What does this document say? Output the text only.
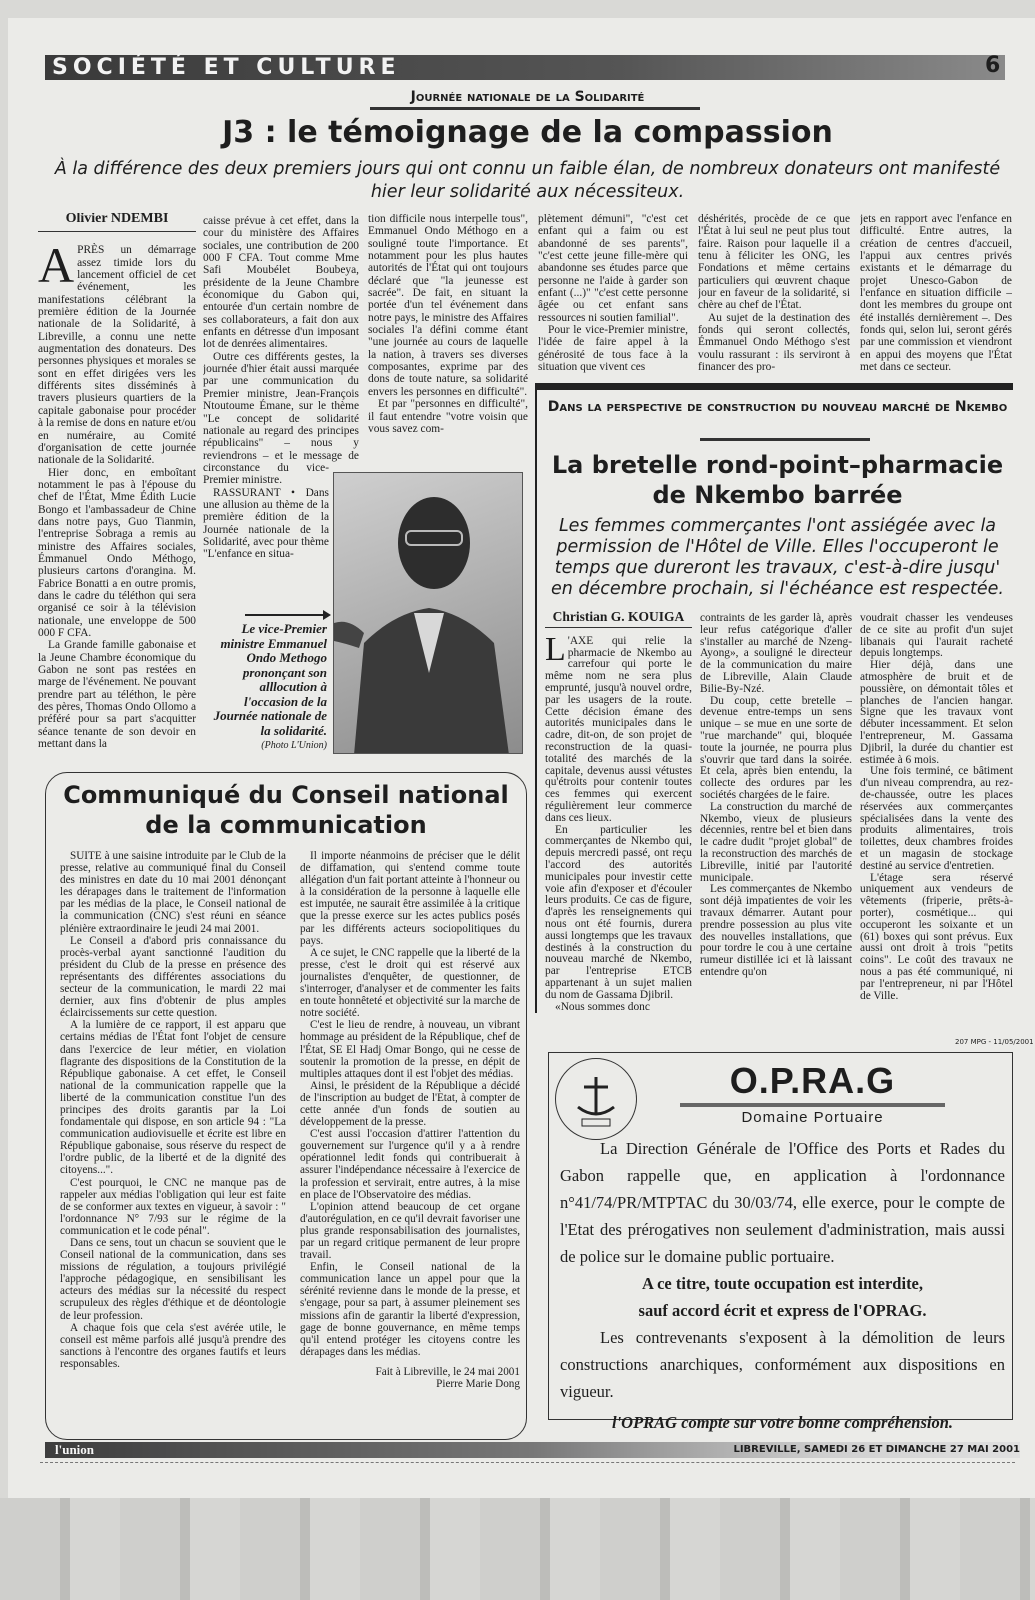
SOCIÉTÉ ET CULTURE	6
Journée nationale de la Solidarité
J3 : le témoignage de la compassion
À la différence des deux premiers jours qui ont connu un faible élan, de nombreux donateurs ont manifesté hier leur solidarité aux nécessiteux.
Olivier NDEMBI

APRÈS un démarrage assez timide lors du lancement officiel de cet événement, les manifestations célébrant la première édition de la Journée nationale de la Solidarité, à Libreville, a connu une nette augmentation des donateurs. Des personnes physiques et morales se sont en effet dirigées vers les différents sites disséminés à travers plusieurs quartiers de la capitale gabonaise pour procéder à la remise de dons en nature et/ou en numéraire, au Comité d'organisation de cette journée nationale de la Solidarité.

Hier donc, en emboîtant notamment le pas à l'épouse du chef de l'État, Mme Édith Lucie Bongo et l'ambassadeur de Chine dans notre pays, Guo Tianmin, l'entreprise Sobraga a remis au ministre des Affaires sociales, Émmanuel Ondo Méthogo, plusieurs cartons d'orangina. M. Fabrice Bonatti a en outre promis, dans le cadre du téléthon qui sera organisé ce soir à la télévision nationale, une enveloppe de 500 000 F CFA.

La Grande famille gabonaise et la Jeune Chambre économique du Gabon ne sont pas restées en marge de l'événement. Ne pouvant prendre part au téléthon, le père des pères, Thomas Ondo Ollomo a préféré pour sa part s'acquitter séance tenante de son devoir en mettant dans la

caisse prévue à cet effet, dans la cour du ministère des Affaires sociales, une contribution de 200 000 F CFA. Tout comme Mme Safi Moubélet Boubeya, présidente de la Jeune Chambre économique du Gabon qui, entourée d'un certain nombre de ses collaborateurs, a fait don aux enfants en détresse d'un imposant lot de denrées alimentaires.

Outre ces différents gestes, la journée d'hier était aussi marquée par une communication du Premier ministre, Jean-François Ntoutoume Émane, sur le thème "Le concept de solidarité nationale au regard des principes républicains" – nous y reviendrons – et le message de circonstance du vice-Premier ministre.

RASSURANT • Dans une allusion au thème de la première édition de la Journée nationale de la Solidarité, avec pour thème "L'enfance en situa-

Le vice-Premier ministre Emmanuel Ondo Methogo prononçant son alllocution à l'occasion de la Journée nationale de la solidarité.
(Photo L'Union)

tion difficile nous interpelle tous", Emmanuel Ondo Méthogo en a souligné toute l'importance. Et notamment pour les plus hautes autorités de l'État qui ont toujours déclaré que "la jeunesse est sacrée". De fait, en situant la portée d'un tel événement dans notre pays, le ministre des Affaires sociales l'a défini comme étant "une journée au cours de laquelle la nation, à travers ses diverses composantes, exprime par des dons de toute nature, sa solidarité envers les personnes en difficulté".

Et par "personnes en difficulté", il faut entendre "votre voisin que vous savez com-

plètement démuni", "c'est cet enfant qui a faim ou est abandonné de ses parents", "c'est cette jeune fille-mère qui abandonne ses études parce que personne ne l'aide à garder son enfant (...)" "c'est cette personne âgée ou cet enfant sans ressources ni soutien familial".

Pour le vice-Premier ministre, l'idée de faire appel à la générosité de tous face à la situation que vivent ces

déshérités, procède de ce que l'État à lui seul ne peut plus tout faire. Raison pour laquelle il a tenu à féliciter les ONG, les Fondations et même certains particuliers qui œuvrent chaque jour en faveur de la solidarité, si chère au chef de l'État.

Au sujet de la destination des fonds qui seront collectés, Émmanuel Ondo Méthogo s'est voulu rassurant : ils serviront à financer des pro-

jets en rapport avec l'enfance en difficulté. Entre autres, la création de centres d'accueil, l'appui aux centres privés existants et le démarrage du projet Unesco-Gabon de l'enfance en situation difficile – dont les membres du groupe ont été installés dernièrement –. Des fonds qui, selon lui, seront gérés par une commission et viendront en appui des moyens que l'État met dans ce secteur.

Dans la perspective de construction du nouveau marché de Nkembo
La bretelle rond-point–pharmacie de Nkembo barrée
Les femmes commerçantes l'ont assiégée avec la permission de l'Hôtel de Ville. Elles l'occuperont le temps que dureront les travaux, c'est-à-dire jusqu' en décembre prochain, si l'échéance est respectée.
Christian G. KOUIGA

L 'AXE qui relie la pharmacie de Nkembo au carrefour qui porte le même nom ne sera plus emprunté, jusqu'à nouvel ordre, par les usagers de la route. Cette décision émane des autorités municipales dans le cadre, dit-on, de son projet de reconstruction de la quasi-totalité des marchés de la capitale, devenus aussi vétustes qu'étroits pour contenir toutes ces femmes qui exercent régulièrement leur commerce dans ces lieux.

En particulier les commerçantes de Nkembo qui, depuis mercredi passé, ont reçu l'accord des autorités municipales pour investir cette voie afin d'exposer et d'écouler leurs produits. Ce cas de figure, d'après les renseignements qui nous ont été fournis, durera aussi longtemps que les travaux destinés à la construction du nouveau marché de Nkembo, par l'entreprise ETCB appartenant à un sujet malien du nom de Gassama Djibril.

«Nous sommes donc

contraints de les garder là, après leur refus catégorique d'aller s'installer au marché de Nzeng-Ayong», a souligné le directeur de la communication du maire de Libreville, Alain Claude Bilie-By-Nzé.

Du coup, cette bretelle – devenue entre-temps un sens unique – se mue en une sorte de "rue marchande" qui, bloquée toute la journée, ne pourra plus s'ouvrir que tard dans la soirée. Et cela, après bien entendu, la collecte des ordures par les sociétés chargées de le faire.

La construction du marché de Nkembo, vieux de plusieurs décennies, rentre bel et bien dans le cadre dudit "projet global" de la reconstruction des marchés de Libreville, initié par l'autorité municipale.

Les commerçantes de Nkembo sont déjà impatientes de voir les travaux démarrer. Autant pour prendre possession au plus vite des nouvelles installations, que pour tordre le cou à une certaine rumeur distillée ici et là laissant entendre qu'on

voudrait chasser les vendeuses de ce site au profit d'un sujet libanais qui l'aurait racheté depuis longtemps.

Hier déjà, dans une atmosphère de bruit et de poussière, on démontait tôles et planches de l'ancien hangar. Signe que les travaux vont débuter incessamment. Et selon l'entrepreneur, M. Gassama Djibril, la durée du chantier est estimée à 6 mois.

Une fois terminé, ce bâtiment d'un niveau comprendra, au rez-de-chaussée, outre les places réservées aux commerçantes spécialisées dans la vente des produits alimentaires, trois toilettes, deux chambres froides et un magasin de stockage destiné au service d'entretien.

L'étage sera réservé uniquement aux vendeurs de vêtements (friperie, prêts-à-porter), cosmétique... qui occuperont les soixante et un (61) boxes qui sont prévus. Eux aussi ont droit à trois "petits coins". Le coût des travaux ne nous a pas été communiqué, ni par l'entrepreneur, ni par l'Hôtel de Ville.

Communiqué du Conseil national de la communication

SUITE à une saisine introduite par le Club de la presse, relative au communiqué final du Conseil des ministres en date du 10 mai 2001 dénonçant les dérapages dans le traitement de l'information par les médias de la place, le Conseil national de la communication (CNC) s'est réuni en séance plénière extraordinaire le jeudi 24 mai 2001.

Le Conseil a d'abord pris connaissance du procès-verbal ayant sanctionné l'audition du président du Club de la presse en présence des représentants des différentes associations du secteur de la communication, le mardi 22 mai dernier, aux fins d'obtenir de plus amples éclaircissements sur cette question.

A la lumière de ce rapport, il est apparu que certains médias de l'État font l'objet de censure dans l'exercice de leur métier, en violation flagrante des dispositions de la Constitution de la République gabonaise. A cet effet, le Conseil national de la communication rappelle que la liberté de la communication constitue l'un des principes des droits garantis par la Loi fondamentale qui dispose, en son article 94 : "La communication audiovisuelle et écrite est libre en République gabonaise, sous réserve du respect de l'ordre public, de la liberté et de la dignité des citoyens...".

C'est pourquoi, le CNC ne manque pas de rappeler aux médias l'obligation qui leur est faite de se conformer aux textes en vigueur, à savoir : " l'ordonnance N° 7/93 sur le régime de la communication et le code pénal".

Dans ce sens, tout un chacun se souvient que le Conseil national de la communication, dans ses missions de régulation, a toujours privilégié l'approche pédagogique, en sensibilisant les acteurs des médias sur la nécessité du respect scrupuleux des règles d'éthique et de déontologie de leur profession.

A chaque fois que cela s'est avérée utile, le conseil est même parfois allé jusqu'à prendre des sanctions à l'encontre des organes fautifs et leurs responsables.

Il importe néanmoins de préciser que le délit de diffamation, qui s'entend comme toute allégation d'un fait portant atteinte à l'honneur ou à la considération de la personne à laquelle elle est imputée, ne saurait être assimilée à la critique que la presse exerce sur les actes publics posés par les différents acteurs sociopolitiques du pays.

A ce sujet, le CNC rappelle que la liberté de la presse, c'est le droit qui est réservé aux journalistes d'enquêter, de questionner, de s'interroger, d'analyser et de commenter les faits en toute honnêteté et objectivité sur la marche de notre société.

C'est le lieu de rendre, à nouveau, un vibrant hommage au président de la République, chef de l'État, SE El Hadj Omar Bongo, qui ne cesse de soutenir la promotion de la presse, en dépit de multiples attaques dont il est l'objet des médias.

Ainsi, le président de la République a décidé de l'inscription au budget de l'Etat, à compter de cette année d'un fonds de soutien au développement de la presse.

C'est aussi l'occasion d'attirer l'attention du gouvernement sur l'urgence qu'il y a à rendre opérationnel ledit fonds qui contribuerait à assurer l'indépendance nécessaire à l'exercice de la profession et servirait, entre autres, à la mise en place de l'Observatoire des médias.

L'opinion attend beaucoup de cet organe d'autorégulation, en ce qu'il devrait favoriser une plus grande responsabilisation des journalistes, par un regard critique permanent de leur propre travail.

Enfin, le Conseil national de la communication lance un appel pour que la sérénité revienne dans le monde de la presse, et s'engage, pour sa part, à assumer pleinement ses missions afin de garantir la liberté d'expression, gage de bonne gouvernance, en même temps qu'il entend protéger les citoyens contre les dérapages dans les médias.

Fait à Libreville, le 24 mai 2001

Pierre Marie Dong

207 MPG - 11/05/2001
O.P.RA.G
Domaine Portuaire

La Direction Générale de l'Office des Ports et Rades du Gabon rappelle que, en application à l'ordonnance n°41/74/PR/MTPTAC du 30/03/74, elle exerce, pour le compte de l'Etat des prérogatives non seulement d'administration, mais aussi de police sur le domaine public portuaire.

A ce titre, toute occupation est interdite,

sauf accord écrit et express de l'OPRAG.

Les contrevenants s'exposent à la démolition de leurs constructions anarchiques, conformément aux dispositions en vigueur.

l'OPRAG compte sur votre bonne compréhension.

l'union	LIBREVILLE, SAMEDI 26 ET DIMANCHE 27 MAI 2001
